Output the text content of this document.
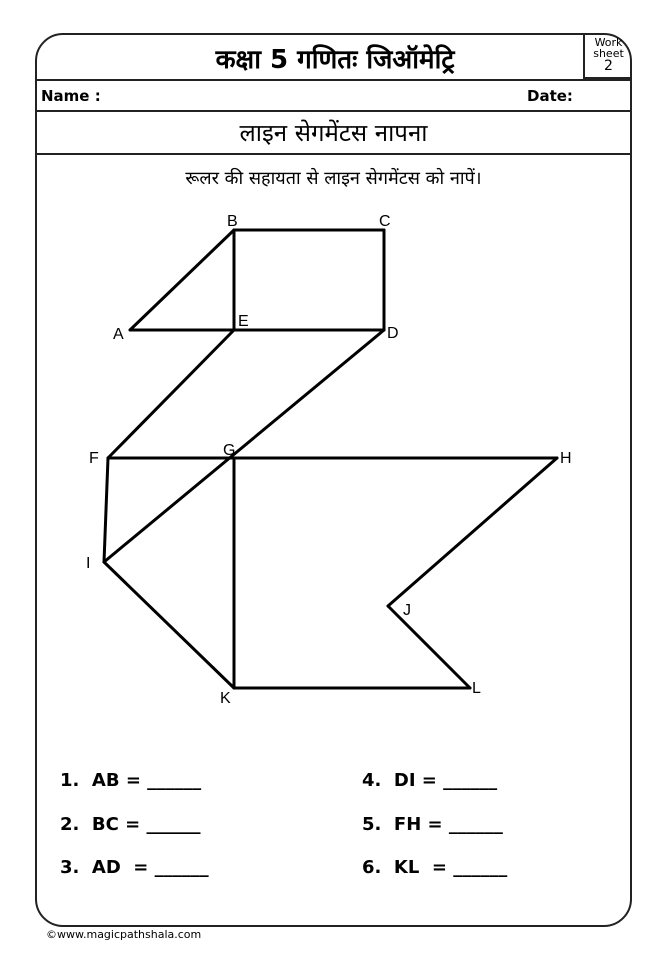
कक्षा 5 गणितः जिऑमेट्रि
Work sheet
2
Name :	Date:
लाइन सेगमेंटस नापना
रूलर की सहायता से लाइन सेगमेंटस को नापें।
A
B	C
D
E
F	G	H
I
J
K
L
1.  AB = ______
2.  BC = ______
3.  AD  = ______
4.  DI = ______
5.  FH = ______
6.  KL  = ______
©www.magicpathshala.com
